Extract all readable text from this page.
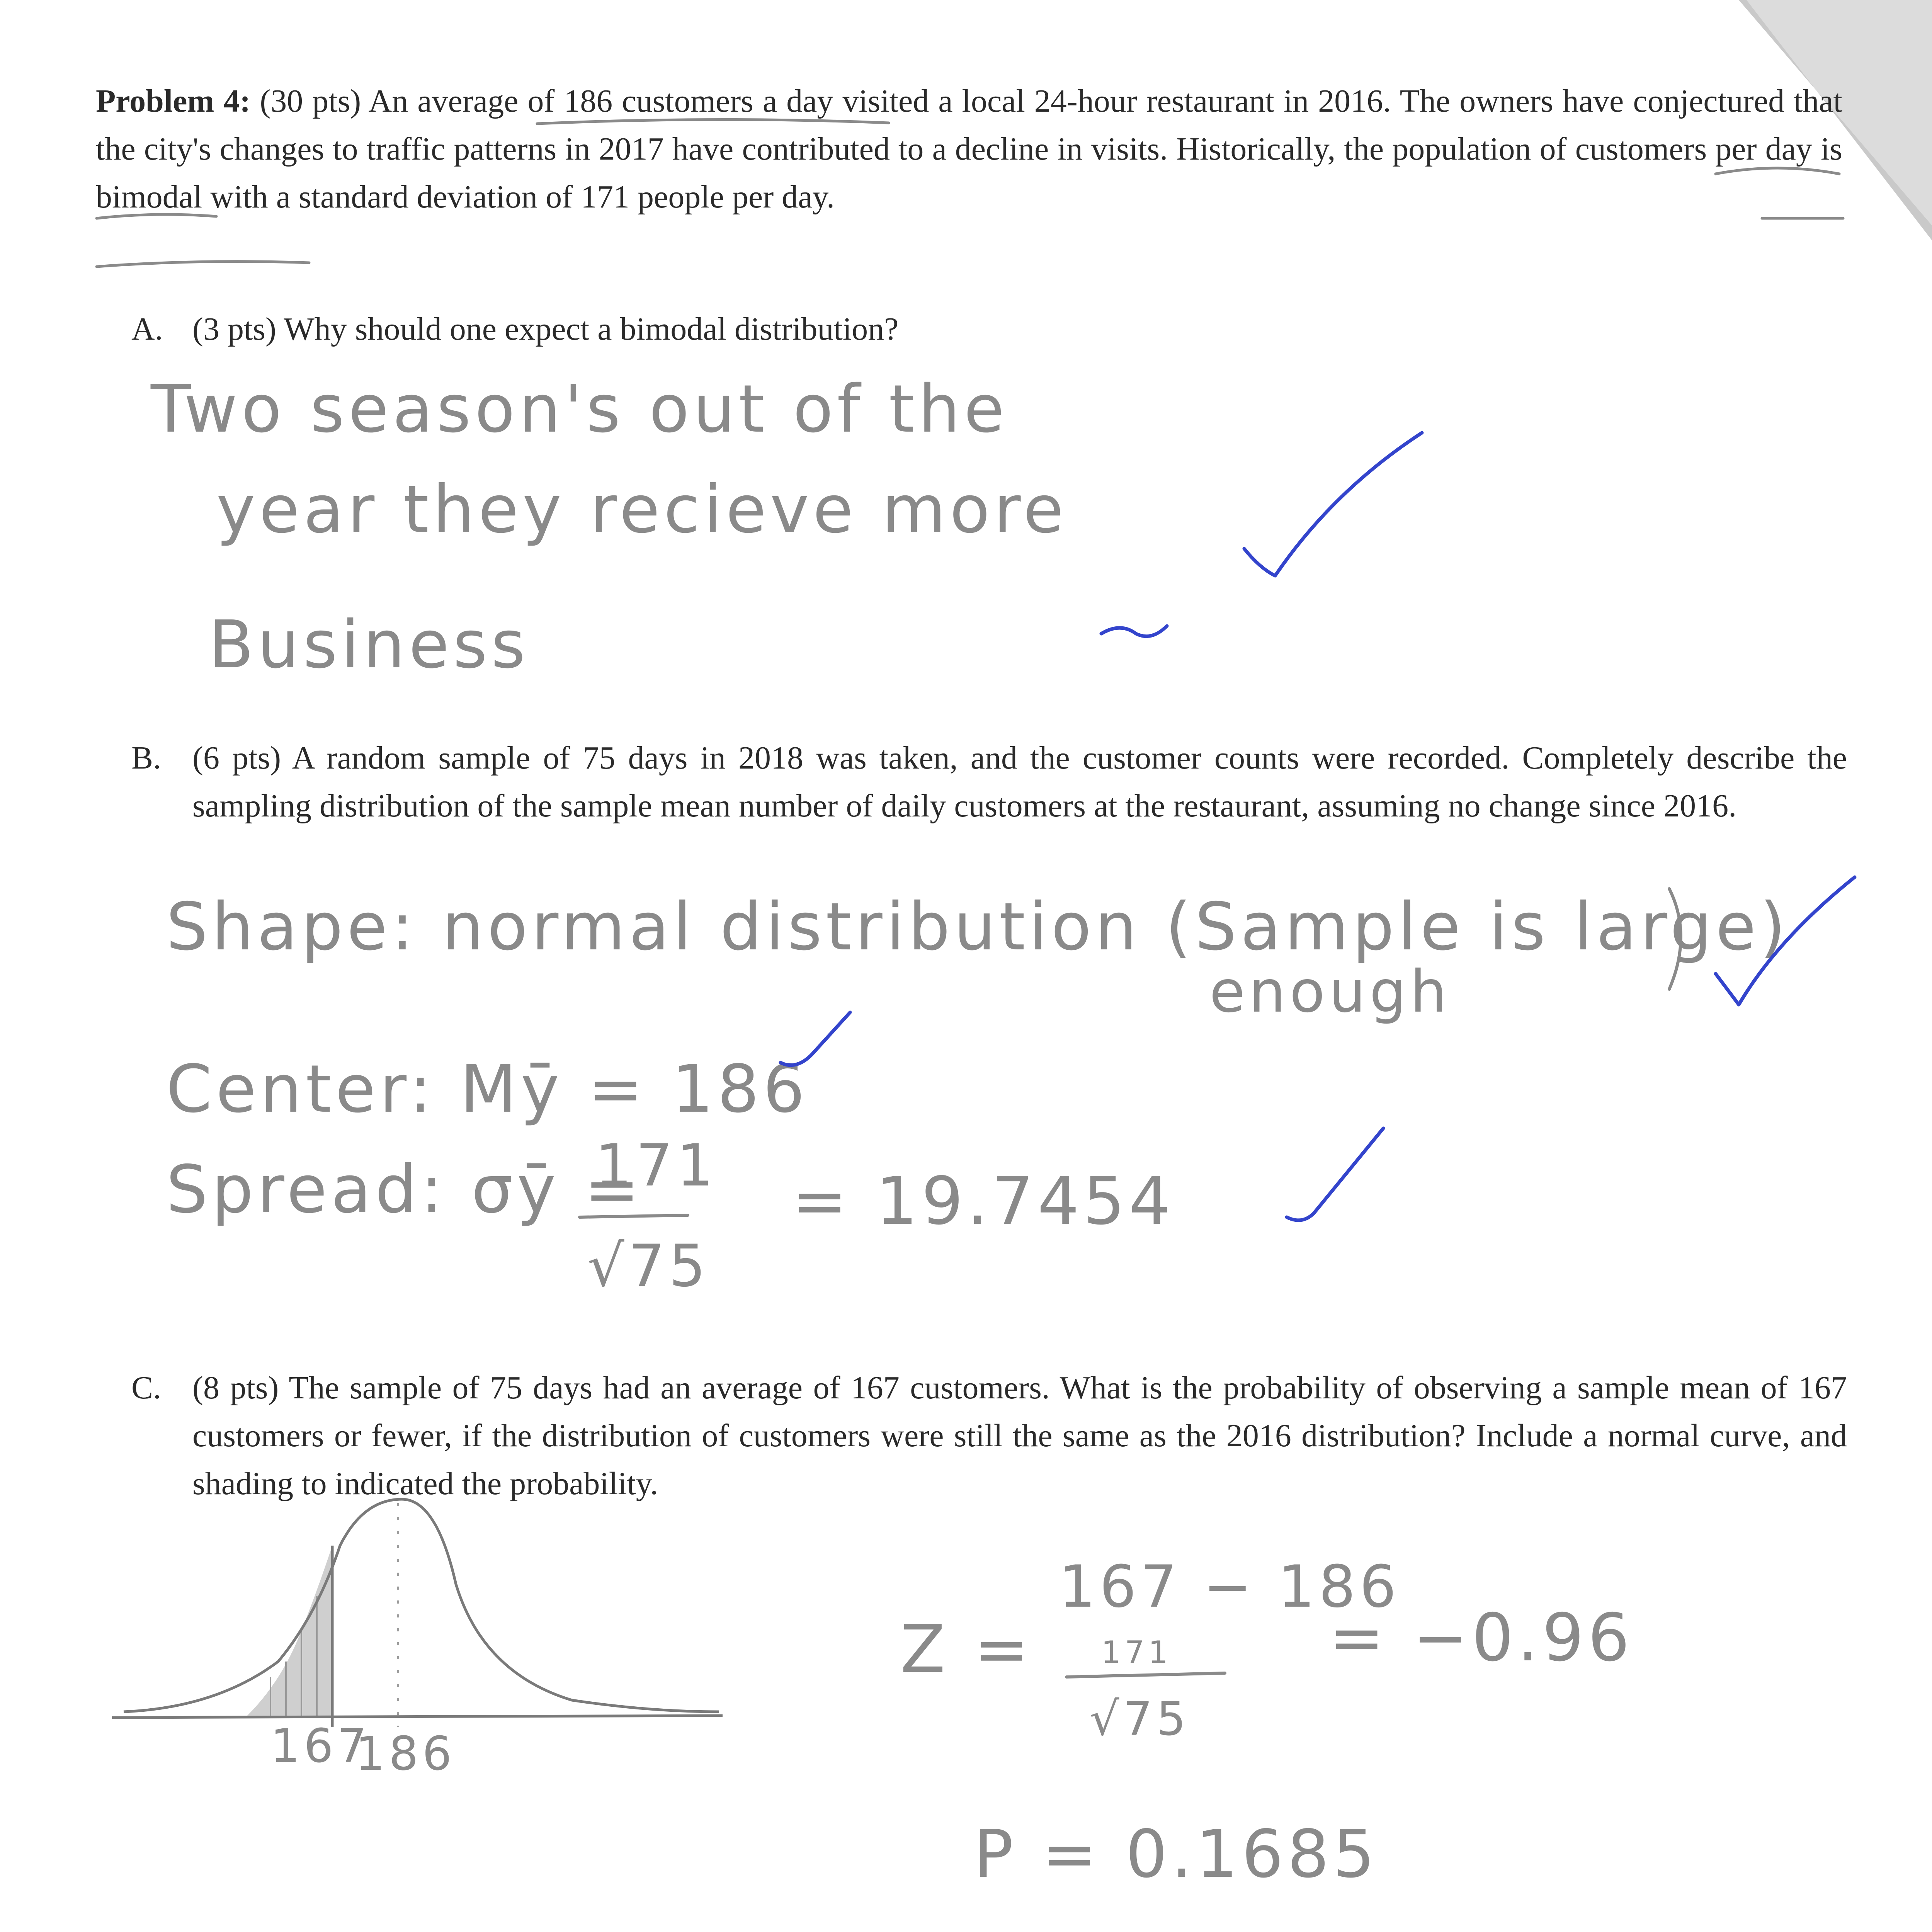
Problem 4: (30 pts) An average of 186 customers a day visited a local 24-hour restaurant in 2016. The owners have conjectured that the city's changes to traffic patterns in 2017 have contributed to a decline in visits. Historically, the population of customers per day is bimodal with a standard deviation of 171 people per day.
A. (3 pts) Why should one expect a bimodal distribution?

Two season's out of the
year they recieve more
Business
B. (6 pts) A random sample of 75 days in 2018 was taken, and the customer counts were recorded. Completely describe the sampling distribution of the sample mean number of daily customers at the restaurant, assuming no change since 2016.

Shape: normal distribution (Sample is large)
enough
Center: Mȳ = 186
Spread: σȳ =
171
√75
= 19.7454
C. (8 pts) The sample of 75 days had an average of 167 customers. What is the probability of observing a sample mean of 167 customers or fewer, if the distribution of customers were still the same as the 2016 distribution? Include a normal curve, and shading to indicated the probability.

167
186
Z =
167 − 186
171
√75
= −0.96
P = 0.1685
